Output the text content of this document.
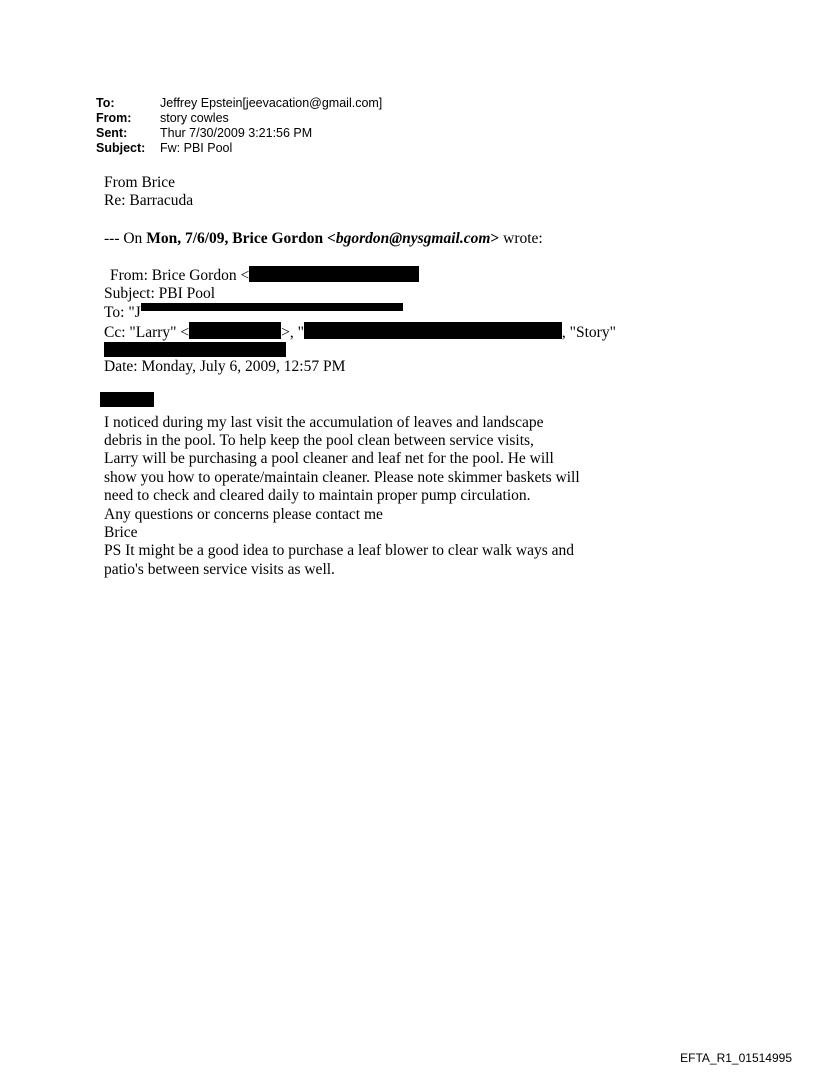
To:	Jeffrey Epstein[jeevacation@gmail.com]
From:	story cowles
Sent:	Thur 7/30/2009 3:21:56 PM
Subject:	Fw: PBI Pool
From Brice
Re: Barracuda
--- On Mon, 7/6/09, Brice Gordon <bgordon@nysgmail.com> wrote:
From: Brice Gordon <
Subject: PBI Pool
To: "J
Cc: "Larry" <	>, "	, "Story"
Date: Monday, July 6, 2009, 12:57 PM
I noticed during my last visit the accumulation of leaves and landscape
debris in the pool. To help keep the pool clean between service visits,
Larry will be purchasing a pool cleaner and leaf net for the pool. He will
show you how to operate/maintain cleaner. Please note skimmer baskets will
need to check and cleared daily to maintain proper pump circulation.
Any questions or concerns please contact me
Brice
PS It might be a good idea to purchase a leaf blower to clear walk ways and
patio's between service visits as well.
EFTA_R1_01514995
